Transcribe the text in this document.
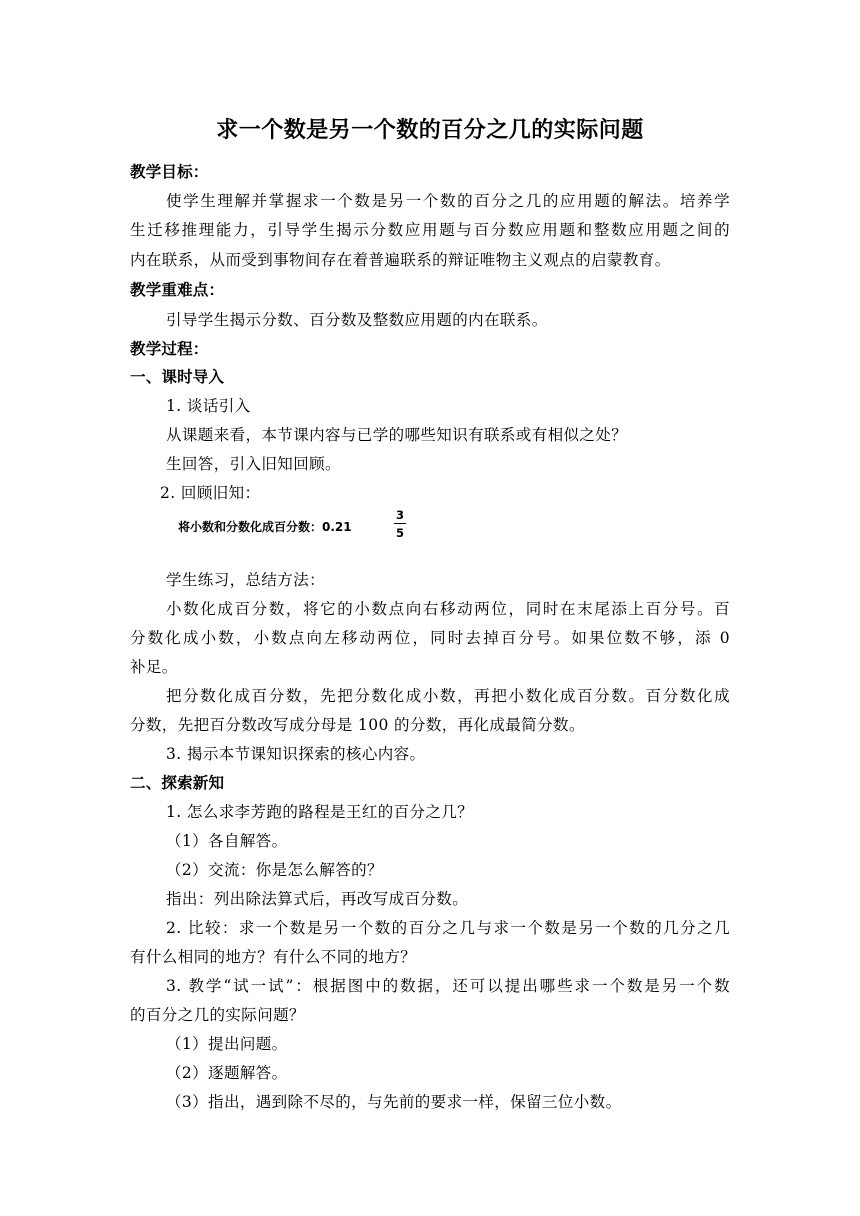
求一个数是另一个数的百分之几的实际问题
教学目标：
使学生理解并掌握求一个数是另一个数的百分之几的应用题的解法。培养学
生迁移推理能力，引导学生揭示分数应用题与百分数应用题和整数应用题之间的
内在联系，从而受到事物间存在着普遍联系的辩证唯物主义观点的启蒙教育。
教学重难点：
引导学生揭示分数、百分数及整数应用题的内在联系。
教学过程：
一、课时导入
1. 谈话引入
从课题来看，本节课内容与已学的哪些知识有联系或有相似之处？
生回答，引入旧知回顾。
2. 回顾旧知：
将小数和分数化成百分数：0.21
3
5
学生练习，总结方法：
小数化成百分数，将它的小数点向右移动两位，同时在末尾添上百分号。百
分数化成小数，小数点向左移动两位，同时去掉百分号。如果位数不够，添 0
补足。
把分数化成百分数，先把分数化成小数，再把小数化成百分数。百分数化成
分数，先把百分数改写成分母是 100 的分数，再化成最简分数。
3. 揭示本节课知识探索的核心内容。
二、探索新知
1. 怎么求李芳跑的路程是王红的百分之几？
（1）各自解答。
（2）交流：你是怎么解答的？
指出：列出除法算式后，再改写成百分数。
2. 比较：求一个数是另一个数的百分之几与求一个数是另一个数的几分之几
有什么相同的地方？有什么不同的地方？
3. 教学“试一试”：根据图中的数据，还可以提出哪些求一个数是另一个数
的百分之几的实际问题？
（1）提出问题。
（2）逐题解答。
（3）指出，遇到除不尽的，与先前的要求一样，保留三位小数。
